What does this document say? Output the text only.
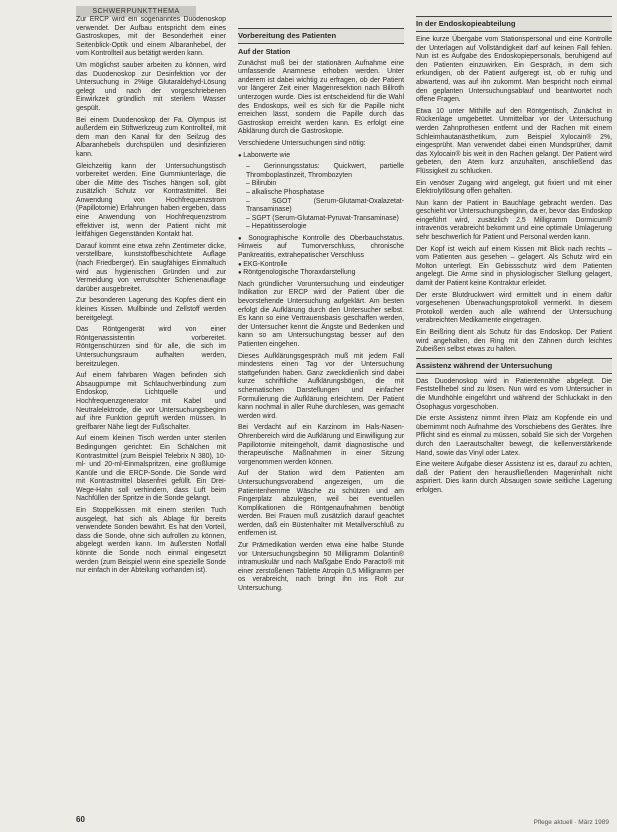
SCHWERPUNKTTHEMA

Zur ERCP wird ein sogenanntes Duodenoskop verwendet. Der Aufbau entspricht dem eines Gastroskopes, mit der Besonderheit einer Seitenblick-Optik und einem Albaranhebel, der vom Kontrollteil aus betätigt werden kann.

Um möglichst sauber arbeiten zu können, wird das Duodenoskop zur Desinfektion vor der Untersuchung in 2%ige Glutaraldehyd-Lösung gelegt und nach der vorgeschriebenen Einwirkzeit gründlich mit sterilem Wasser gespült.

Bei einem Duodenoskop der Fa. Olympus ist außerdem ein Stiftwerkzeug zum Kontrollteil, mit dem man den Kanal für den Seilzug des Albaranhebels durchspülen und desinfizieren kann.

Gleichzeitig kann der Untersuchungstisch vorbereitet werden. Eine Gummiunterlage, die über die Mitte des Tisches hängen soll, gibt zusätzlich Schutz vor Kontrastmittel. Bei Anwendung von Hochfrequenzstrom (Papillotomie) Erfahrungen haben ergeben, dass eine Anwendung von Hochfrequenzstrom effektiver ist, wenn der Patient nicht mit leitfähigen Gegenständen Kontakt hat.

Darauf kommt eine etwa zehn Zentimeter dicke, verstellbare, kunststoffbeschichtete Auflage (nach Friedberger). Ein saugfähiges Einmaltuch wird aus hygienischen Gründen und zur Vermeidung von verrutschter Schienenauflage darüber ausgebreitet.

Zur besonderen Lagerung des Kopfes dient ein kleines Kissen. Mullbinde und Zellstoff werden bereitgelegt.

Das Röntgengerät wird von einer Röntgenassistentin vorbereitet. Röntgenschürzen sind für alle, die sich im Untersuchungsraum aufhalten werden, bereitzulegen.

Auf einem fahrbaren Wagen befinden sich Absaugpumpe mit Schlauchverbindung zum Endoskop, Lichtquelle und Hochfrequenzgenerator mit Kabel und Neutralelektrode, die vor Untersuchungsbeginn auf ihre Funktion geprüft werden müssen. In greifbarer Nähe liegt der Fußschalter.

Auf einem kleinen Tisch werden unter sterilen Bedingungen gerichtet: Ein Schälchen mit Kontrastmittel (zum Beispiel Telebrix N 380), 10-ml- und 20-ml-Einmalspritzen, eine großlumige Kanüle und die ERCP-Sonde. Die Sonde wird mit Kontrastmittel blasenfrei gefüllt. Ein Drei-Wege-Hahn soll verhindern, dass Luft beim Nachfüllen der Spritze in die Sonde gelangt.

Ein Stoppelkissen mit einem sterilen Tuch ausgelegt, hat sich als Ablage für bereits verwendete Sonden bewährt. Es hat den Vorteil, dass die Sonde, ohne sich aufrollen zu können, abgelegt werden kann. Im äußersten Notfall könnte die Sonde noch einmal eingesetzt werden (zum Beispiel wenn eine spezielle Sonde nur einfach in der Abteilung vorhanden ist).

Vorbereitung des Patienten
Auf der Station

Zunächst muß bei der stationären Aufnahme eine umfassende Anamnese erhoben werden. Unter anderem ist dabei wichtig zu erfragen, ob der Patient vor längerer Zeit einer Magenresektion nach Billroth unterzogen wurde. Dies ist entscheidend für die Wahl des Endoskops, weil es sich für die Papille nicht erreichen lässt, sondern die Papille durch das Gastroskop erreicht werden kann. Es erfolgt eine Abklärung durch die Gastroskopie.

Verschiedene Untersuchungen sind nötig:

● Laborwerte wie
– Gerinnungsstatus: Quickwert, partielle Thromboplastinzeit, Thrombozyten
– Bilirubin
– alkalische Phosphatase
– SGOT (Serum-Glutamat-Oxalazetat-Transaminase)
– SGPT (Serum-Glutamat-Pyruvat-Transaminase)
– Hepatitisserologie
● Sonographische Kontrolle des Oberbauchstatus. Hinweis auf Tumorverschluss, chronische Pankreatitis, extrahepatischer Verschluss
● EKG-Kontrolle
● Röntgenologische Thoraxdarstellung

Nach gründlicher Voruntersuchung und eindeutiger Indikation zur ERCP wird der Patient über die bevorstehende Untersuchung aufgeklärt. Am besten erfolgt die Aufklärung durch den Untersucher selbst. Es kann so eine Vertrauensbasis geschaffen werden, der Untersucher kennt die Ängste und Bedenken und kann so am Untersuchungstag besser auf den Patienten eingehen.

Dieses Aufklärungsgespräch muß mit jedem Fall mindestens einen Tag vor der Untersuchung stattgefunden haben. Ganz zweckdienlich sind dabei kurze schriftliche Aufklärungsbögen, die mit schematischen Darstellungen und einfacher Formulierung die Aufklärung erleichtern. Der Patient kann nochmal in aller Ruhe durchlesen, was gemacht werden wird.

Bei Verdacht auf ein Karzinom im Hals-Nasen-Ohrenbereich wird die Aufklärung und Einwilligung zur Papillotomie miteingeholt, damit diagnostische und therapeutische Maßnahmen in einer Sitzung vorgenommen werden können.

Auf der Station wird dem Patienten am Untersuchungsvorabend angezeigen, um die Patientenhemme Wäsche zu schützen und am Fingerplatz abzulegen, weil bei eventuellen Komplikationen die Röntgenaufnahmen benötigt werden. Bei Frauen muß zusätzlich darauf geachtet werden, daß ein Büstenhalter mit Metallverschluß zu entfernen ist.

Zur Prämedikation werden etwa eine halbe Stunde vor Untersuchungsbeginn 50 Milligramm Dolantin® intramuskulär und nach Maßgabe Endo Paracto® mit einer zerstoßenen Tablette Atropin 0,5 Milligramm per os verabreicht, nach bringt ihn ins Rolt zur Untersuchung.

In der Endoskopieabteilung

Eine kurze Übergabe vom Stationspersonal und eine Kontrolle der Unterlagen auf Vollständigkeit darf auf keinen Fall fehlen. Nun ist es Aufgabe des Endoskopiepersonals, beruhigend auf den Patienten einzuwirken. Ein Gespräch, in dem sich erkundigen, ob der Patient aufgeregt ist, ob er ruhig und abwartend, was auf ihn zukommt. Man bespricht noch einmal den geplanten Untersuchungsablauf und beantwortet noch offene Fragen.

Etwa 10 unter Mithilfe auf den Röntgentisch, Zunächst in Rückenlage umgebettet. Unmittelbar vor der Untersuchung werden Zahnprothesen entfernt und der Rachen mit einem Schleimhautanästhetikum, zum Beispiel Xylocain® 2%, eingesprüht. Man verwendet dabei einen Mundsprüher, damit das Xylocain® bis weit in den Rachen gelangt. Der Patient wird gebeten, den Atem kurz anzuhalten, anschließend das Flüssigkeit zu schlucken.

Ein venöser Zugang wird angelegt, gut fixiert und mit einer Elektrolytlösung offen gehalten.

Nun kann der Patient in Bauchlage gebracht werden. Das geschieht vor Untersuchungsbeginn, da er, bevor das Endoskop eingeführt wird, zusätzlich 2,5 Milligramm Dormicum® intravenös verabreicht bekommt und eine optimale Umlagerung sehr beschwerlich für Patient und Personal werden kann.

Der Kopf ist weich auf einem Kissen mit Blick nach rechts – vom Patienten aus gesehen – gelagert. Als Schutz wird ein Molton unterlegt. Ein Gebissschutz wird dem Patienten angelegt. Die Arme sind in physiologischer Stellung gelagert, damit der Patient keine Kontraktur erleidet.

Der erste Blutdruckwert wird ermittelt und in einem dafür vorgesehenen Überwachungsprotokoll vermerkt. In diesem Protokoll werden auch alle während der Untersuchung verabreichten Medikamente eingetragen.

Ein Beißring dient als Schutz für das Endoskop. Der Patient wird angehalten, den Ring mit den Zähnen durch leichtes Zubeißen selbst etwas zu halten.

Assistenz während der Untersuchung

Das Duodenoskop wird in Patientennähe abgelegt. Die Feststellhebel sind zu lösen. Nun wird es vom Untersucher in die Mundhöhle eingeführt und während der Schluckakt in den Ösophagus vorgeschoben.

Die erste Assistenz nimmt ihren Platz am Kopfende ein und übernimmt noch Aufnahme des Vorschiebens des Gerätes. Ihre Pflicht sind es einmal zu müssen, sobald Sie sich der Vorgehen durch den Laerautschalter bewegt, die kellenverstärkende Hand, sowie das Vinyl oder Latex.

Eine weitere Aufgabe dieser Assistenz ist es, darauf zu achten, daß der Patient den herausfließenden Mageninhalt nicht aspiriert. Dies kann durch Absaugen sowie seitliche Lagerung erfolgen.

60	Pflege aktuell · März 1989
